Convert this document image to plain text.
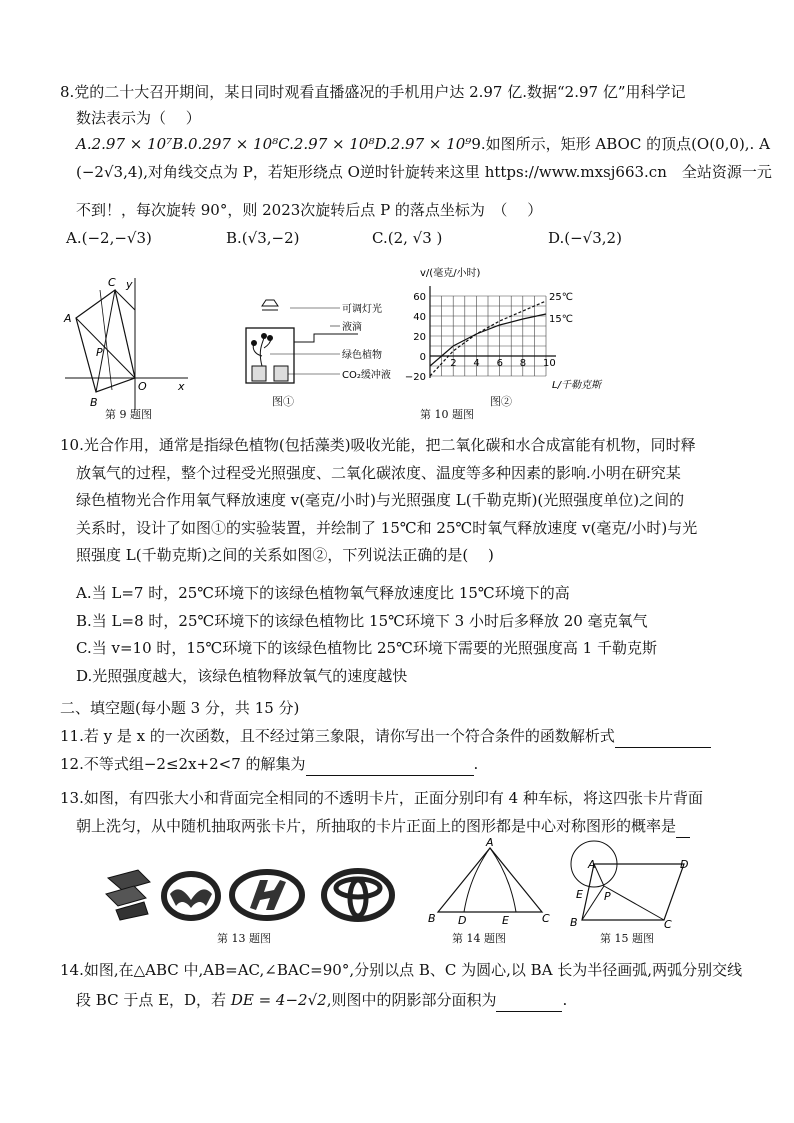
8.党的二十大召开期间，某日同时观看直播盛况的手机用户达 2.97 亿.数据“2.97 亿”用科学记
数法表示为（　 ）
A.2.97 × 10⁷B.0.297 × 10⁸C.2.97 × 10⁸D.2.97 × 10⁹9.如图所示，矩形 ABOC 的顶点(O(0,0),. A
(−2√3,4),对角线交点为 P，若矩形绕点 O逆时针旋转来这里 https://www.mxsj663.cn　全站资源一元
不到！，每次旋转 90°，则 2023次旋转后点 P 的落点坐标为　（　 ）
A.(−2,−√3)	B.(√3,−2)	C.(2, √3 )	D.(−√3,2)
A
C
B
O
P
x
y
第 9 题图
可调灯光
液滴
绿色植物
CO₂缓冲液
图①
v/(毫克/小时)
L/千勒克斯
60
40
20
0
−20
2 4 6 8 10
25℃
15℃
第 10 题图
图②
10.光合作用，通常是指绿色植物(包括藻类)吸收光能，把二氧化碳和水合成富能有机物，同时释
放氧气的过程，整个过程受光照强度、二氧化碳浓度、温度等多种因素的影响.小明在研究某
绿色植物光合作用氧气释放速度 v(毫克/小时)与光照强度 L(千勒克斯)(光照强度单位)之间的
关系时，设计了如图①的实验装置，并绘制了 15℃和 25℃时氧气释放速度 v(毫克/小时)与光
照强度 L(千勒克斯)之间的关系如图②，下列说法正确的是(　 )
A.当 L=7 时，25℃环境下的该绿色植物氧气释放速度比 15℃环境下的高
B.当 L=8 时，25℃环境下的该绿色植物比 15℃环境下 3 小时后多释放 20 毫克氧气
C.当 v=10 时，15℃环境下的该绿色植物比 25℃环境下需要的光照强度高 1 千勒克斯
D.光照强度越大，该绿色植物释放氧气的速度越快
二、填空题(每小题 3 分，共 15 分)
11.若 y 是 x 的一次函数，且不经过第三象限，请你写出一个符合条件的函数解析式
12.不等式组−2≤2x+2<7 的解集为	.
13.如图，有四张大小和背面完全相同的不透明卡片，正面分别印有 4 种车标，将这四张卡片背面
朝上洗匀，从中随机抽取两张卡片，所抽取的卡片正面上的图形都是中心对称图形的概率是
第 13 题图
A
B	C
D	E
第 14 题图
A	D
B	C
E P
第 15 题图
14.如图,在△ABC 中,AB=AC,∠BAC=90°,分别以点 B、C 为圆心,以 BA 长为半径画弧,两弧分别交线
段 BC 于点 E，D，若 DE = 4−2√2,则图中的阴影部分面积为	.
